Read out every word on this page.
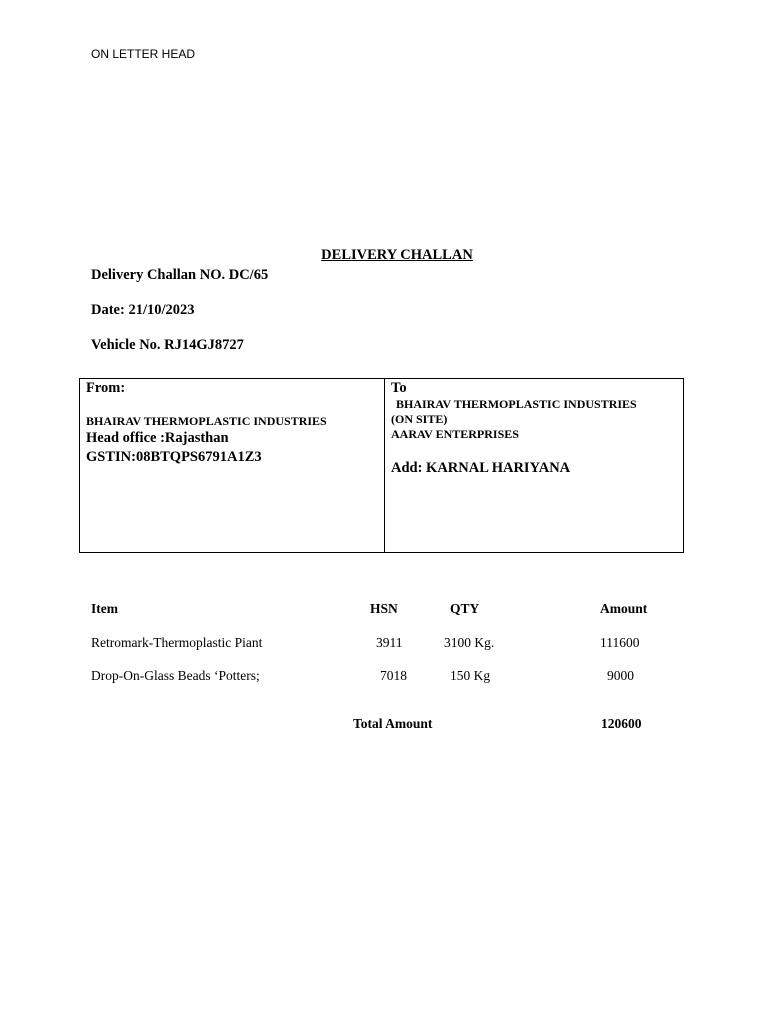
ON LETTER HEAD
DELIVERY CHALLAN
Delivery Challan NO. DC/65
Date: 21/10/2023
Vehicle No. RJ14GJ8727
From:
BHAIRAV THERMOPLASTIC INDUSTRIES
Head office :Rajasthan
GSTIN:08BTQPS6791A1Z3
To
BHAIRAV THERMOPLASTIC INDUSTRIES
(ON SITE)
AARAV ENTERPRISES
Add: KARNAL HARIYANA
Item	HSN	QTY	Amount
Retromark-Thermoplastic Piant	3911	3100 Kg.	111600
Drop-On-Glass Beads ‘Potters;	7018	150 Kg	9000
Total Amount	120600
